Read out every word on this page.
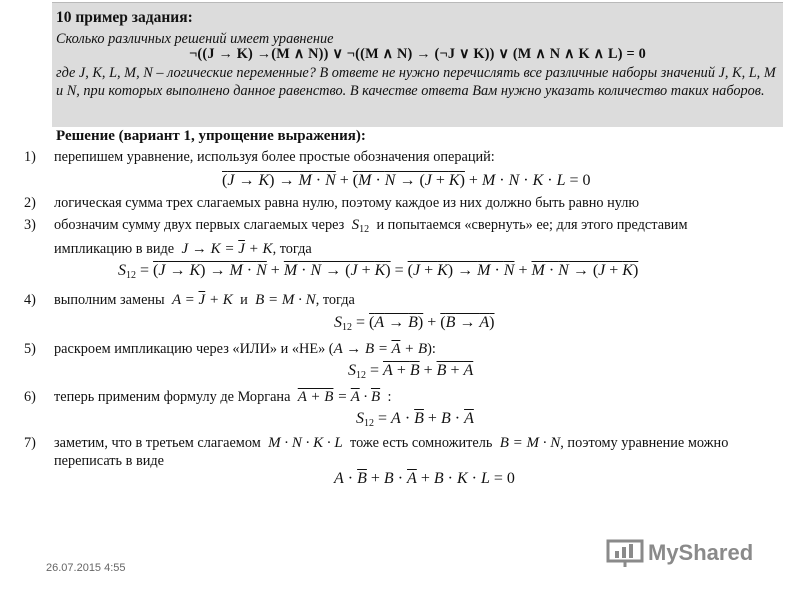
10 пример задания:
Сколько различных решений имеет уравнение
¬((J → K) →(M ∧ N)) ∨ ¬((M ∧ N) → (¬J ∨ K)) ∨ (M ∧ N ∧ K ∧ L) = 0
где J, K, L, M, N – логические переменные? В ответе не нужно перечислять все различные наборы значений J, K, L, M и N, при которых выполнено данное равенство. В качестве ответа Вам нужно указать количество таких наборов.
Решение (вариант 1, упрощение выражения):
1)	перепишем уравнение, используя более простые обозначения операций:
(J → K) → M · N + (M · N → (J + K) + M · N · K · L = 0
2)	логическая сумма трех слагаемых равна нулю, поэтому каждое из них должно быть равно нулю
3)	обозначим сумму двух первых слагаемых через  $S_{12}$ и попытаемся «свернуть» ее; для этого представим
импликацию в виде  $J \to K = \overline{J} + K$, тогда
$S_{12} = (J \to K) \to M \cdot N + M \cdot N \to (J + K) = (J + K) \to M \cdot N + M \cdot N \to (J + K)$
4)	выполним замены  $A = \overline{J} + K$  и  B = M · N, тогда
$S_{12} = (A \to B) + (B \to A)$
5)	раскроем импликацию через «ИЛИ» и «НЕ» $(A \to B = \overline{A} + B)$:
$S_{12} = A + B + B + A$
6)	теперь применим формулу де Моргана $A + B = \overline{A} \cdot \overline{B}$ :
$S_{12} = A \cdot \overline{B} + B \cdot \overline{A}$
7)	заметим, что в третьем слагаемом  M · N · K · L  тоже есть сомножитель  B = M · N, поэтому уравнение можно
переписать в виде
$A \cdot \overline{B} + B \cdot \overline{A} + B \cdot K \cdot L = 0$
26.07.2015 4:55
MyShared
